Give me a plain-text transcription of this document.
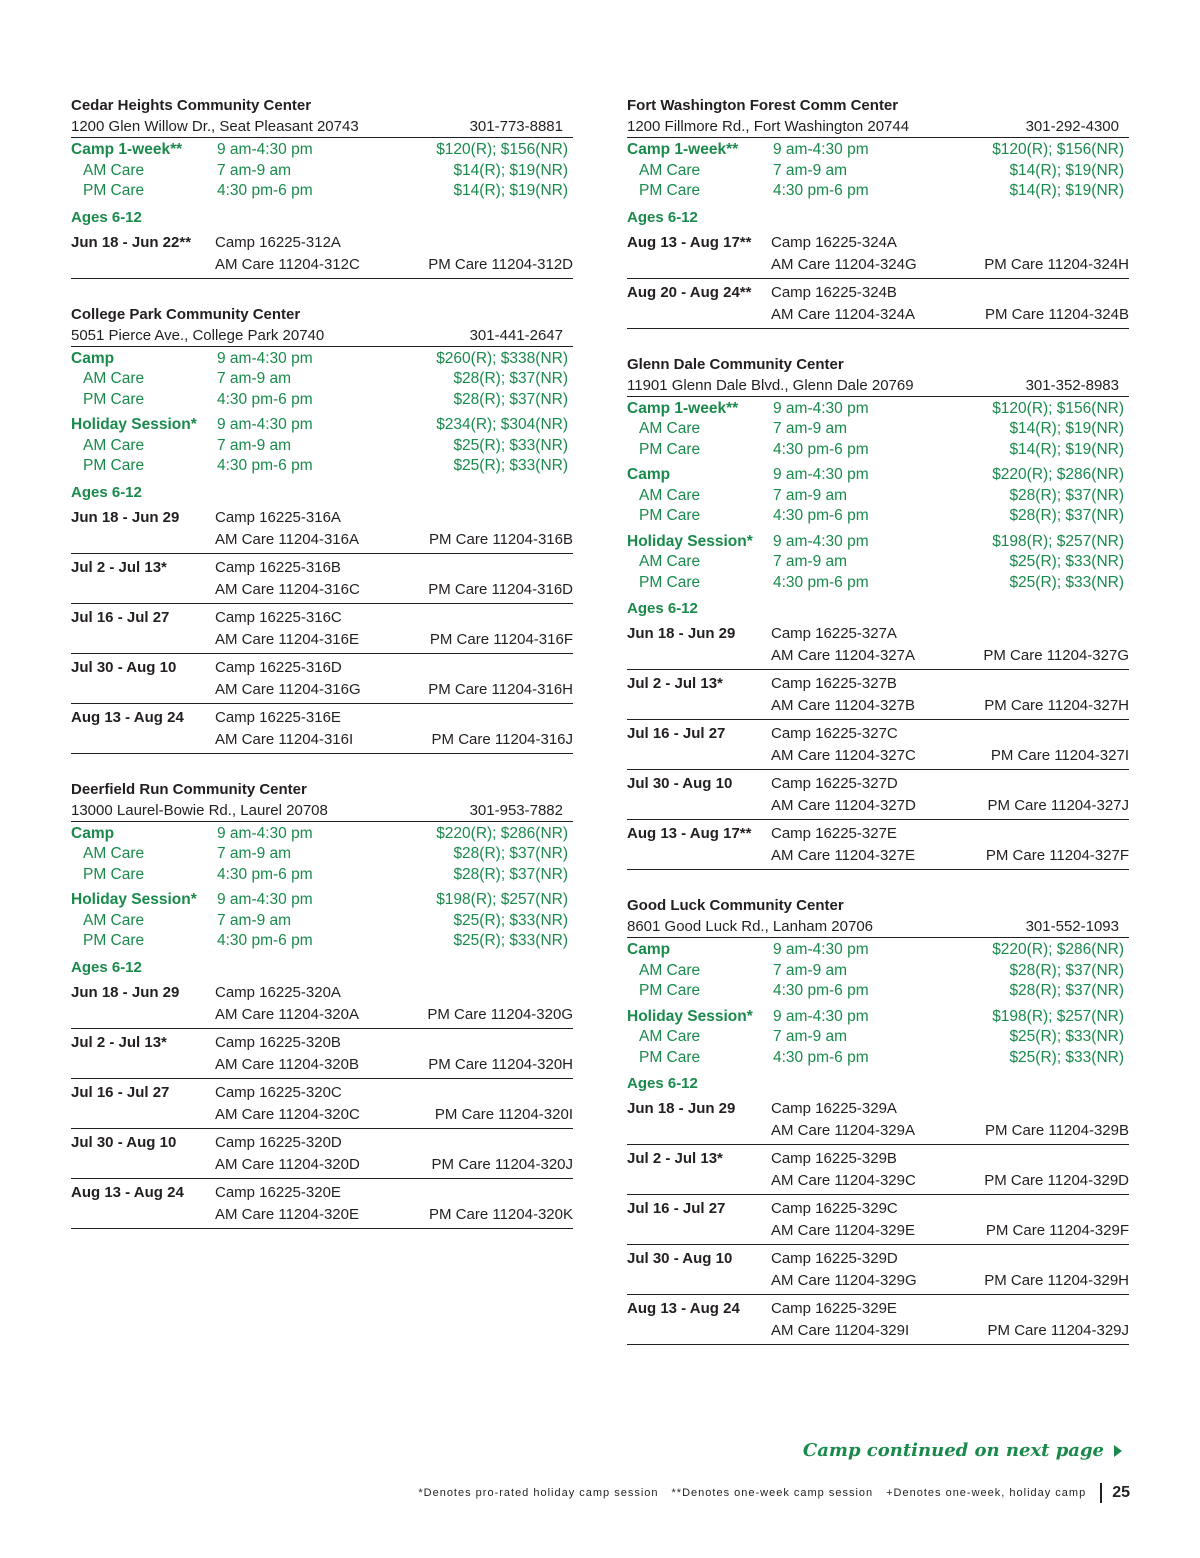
Cedar Heights Community Center
1200 Glen Willow Dr., Seat Pleasant 20743	301-773-8881
Camp 1-week**	9 am-4:30 pm	$120(R); $156(NR)
AM Care	7 am-9 am	$14(R); $19(NR)
PM Care	4:30 pm-6 pm	$14(R); $19(NR)
Ages 6-12
Jun 18 - Jun 22**	Camp 16225-312A
AM Care 11204-312C	PM Care 11204-312D
College Park Community Center
5051 Pierce Ave., College Park 20740	301-441-2647
Camp	9 am-4:30 pm	$260(R); $338(NR)
AM Care	7 am-9 am	$28(R); $37(NR)
PM Care	4:30 pm-6 pm	$28(R); $37(NR)
Holiday Session*	9 am-4:30 pm	$234(R); $304(NR)
AM Care	7 am-9 am	$25(R); $33(NR)
PM Care	4:30 pm-6 pm	$25(R); $33(NR)
Ages 6-12
Jun 18 - Jun 29	Camp 16225-316A
AM Care 11204-316A	PM Care 11204-316B
Jul 2 - Jul 13*	Camp 16225-316B
AM Care 11204-316C	PM Care 11204-316D
Jul 16 - Jul 27	Camp 16225-316C
AM Care 11204-316E	PM Care 11204-316F
Jul 30 - Aug 10	Camp 16225-316D
AM Care 11204-316G	PM Care 11204-316H
Aug 13 - Aug 24	Camp 16225-316E
AM Care 11204-316I	PM Care 11204-316J
Deerfield Run Community Center
13000 Laurel-Bowie Rd., Laurel 20708	301-953-7882
Camp	9 am-4:30 pm	$220(R); $286(NR)
AM Care	7 am-9 am	$28(R); $37(NR)
PM Care	4:30 pm-6 pm	$28(R); $37(NR)
Holiday Session*	9 am-4:30 pm	$198(R); $257(NR)
AM Care	7 am-9 am	$25(R); $33(NR)
PM Care	4:30 pm-6 pm	$25(R); $33(NR)
Ages 6-12
Jun 18 - Jun 29	Camp 16225-320A
AM Care 11204-320A	PM Care 11204-320G
Jul 2 - Jul 13*	Camp 16225-320B
AM Care 11204-320B	PM Care 11204-320H
Jul 16 - Jul 27	Camp 16225-320C
AM Care 11204-320C	PM Care 11204-320I
Jul 30 - Aug 10	Camp 16225-320D
AM Care 11204-320D	PM Care 11204-320J
Aug 13 - Aug 24	Camp 16225-320E
AM Care 11204-320E	PM Care 11204-320K
Fort Washington Forest Comm Center
1200 Fillmore Rd., Fort Washington 20744	301-292-4300
Camp 1-week**	9 am-4:30 pm	$120(R); $156(NR)
AM Care	7 am-9 am	$14(R); $19(NR)
PM Care	4:30 pm-6 pm	$14(R); $19(NR)
Ages 6-12
Aug 13 - Aug 17**	Camp 16225-324A
AM Care 11204-324G	PM Care 11204-324H
Aug 20 - Aug 24**	Camp 16225-324B
AM Care 11204-324A	PM Care 11204-324B
Glenn Dale Community Center
11901 Glenn Dale Blvd., Glenn Dale 20769	301-352-8983
Camp 1-week**	9 am-4:30 pm	$120(R); $156(NR)
AM Care	7 am-9 am	$14(R); $19(NR)
PM Care	4:30 pm-6 pm	$14(R); $19(NR)
Camp	9 am-4:30 pm	$220(R); $286(NR)
AM Care	7 am-9 am	$28(R); $37(NR)
PM Care	4:30 pm-6 pm	$28(R); $37(NR)
Holiday Session*	9 am-4:30 pm	$198(R); $257(NR)
AM Care	7 am-9 am	$25(R); $33(NR)
PM Care	4:30 pm-6 pm	$25(R); $33(NR)
Ages 6-12
Jun 18 - Jun 29	Camp 16225-327A
AM Care 11204-327A	PM Care 11204-327G
Jul 2 - Jul 13*	Camp 16225-327B
AM Care 11204-327B	PM Care 11204-327H
Jul 16 - Jul 27	Camp 16225-327C
AM Care 11204-327C	PM Care 11204-327I
Jul 30 - Aug 10	Camp 16225-327D
AM Care 11204-327D	PM Care 11204-327J
Aug 13 - Aug 17**	Camp 16225-327E
AM Care 11204-327E	PM Care 11204-327F
Good Luck Community Center
8601 Good Luck Rd., Lanham 20706	301-552-1093
Camp	9 am-4:30 pm	$220(R); $286(NR)
AM Care	7 am-9 am	$28(R); $37(NR)
PM Care	4:30 pm-6 pm	$28(R); $37(NR)
Holiday Session*	9 am-4:30 pm	$198(R); $257(NR)
AM Care	7 am-9 am	$25(R); $33(NR)
PM Care	4:30 pm-6 pm	$25(R); $33(NR)
Ages 6-12
Jun 18 - Jun 29	Camp 16225-329A
AM Care 11204-329A	PM Care 11204-329B
Jul 2 - Jul 13*	Camp 16225-329B
AM Care 11204-329C	PM Care 11204-329D
Jul 16 - Jul 27	Camp 16225-329C
AM Care 11204-329E	PM Care 11204-329F
Jul 30 - Aug 10	Camp 16225-329D
AM Care 11204-329G	PM Care 11204-329H
Aug 13 - Aug 24	Camp 16225-329E
AM Care 11204-329I	PM Care 11204-329J
Camp continued on next page
*Denotes pro-rated holiday camp session **Denotes one-week camp session +Denotes one-week, holiday camp 25
